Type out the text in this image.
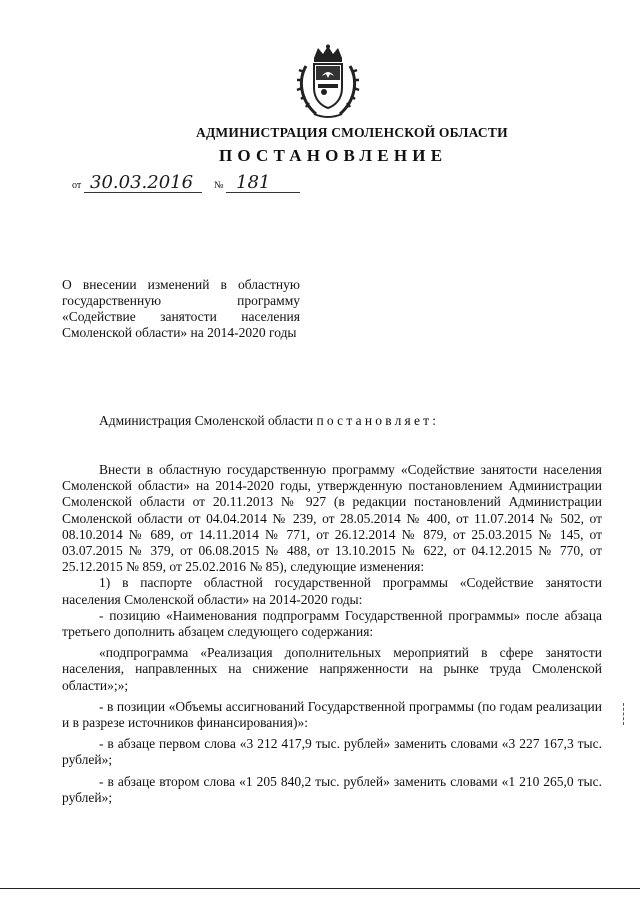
АДМИНИСТРАЦИЯ СМОЛЕНСКОЙ ОБЛАСТИ
ПОСТАНОВЛЕНИЕ
от 30.03.2016 № 181
О внесении изменений в областную государственную программу «Содействие занятости населения Смоленской области» на 2014-2020 годы
Администрация Смоленской области постановляет:

Внести в областную государственную программу «Содействие занятости населения Смоленской области» на 2014-2020 годы, утвержденную постановлением Администрации Смоленской области от 20.11.2013 № 927 (в редакции постановлений Администрации Смоленской области от 04.04.2014 № 239, от 28.05.2014 № 400, от 11.07.2014 № 502, от 08.10.2014 № 689, от 14.11.2014 № 771, от 26.12.2014 № 879, от 25.03.2015 № 145, от 03.07.2015 № 379, от 06.08.2015 № 488, от 13.10.2015 № 622, от 04.12.2015 № 770, от 25.12.2015 № 859, от 25.02.2016 № 85), следующие изменения:

1) в паспорте областной государственной программы «Содействие занятости населения Смоленской области» на 2014-2020 годы:

- позицию «Наименования подпрограмм Государственной программы» после абзаца третьего дополнить абзацем следующего содержания:

«подпрограмма «Реализация дополнительных мероприятий в сфере занятости населения, направленных на снижение напряженности на рынке труда Смоленской области»;»;

- в позиции «Объемы ассигнований Государственной программы (по годам реализации и в разрезе источников финансирования)»:

- в абзаце первом слова «3 212 417,9 тыс. рублей» заменить словами «3 227 167,3 тыс. рублей»;

- в абзаце втором слова «1 205 840,2 тыс. рублей» заменить словами «1 210 265,0 тыс. рублей»;
